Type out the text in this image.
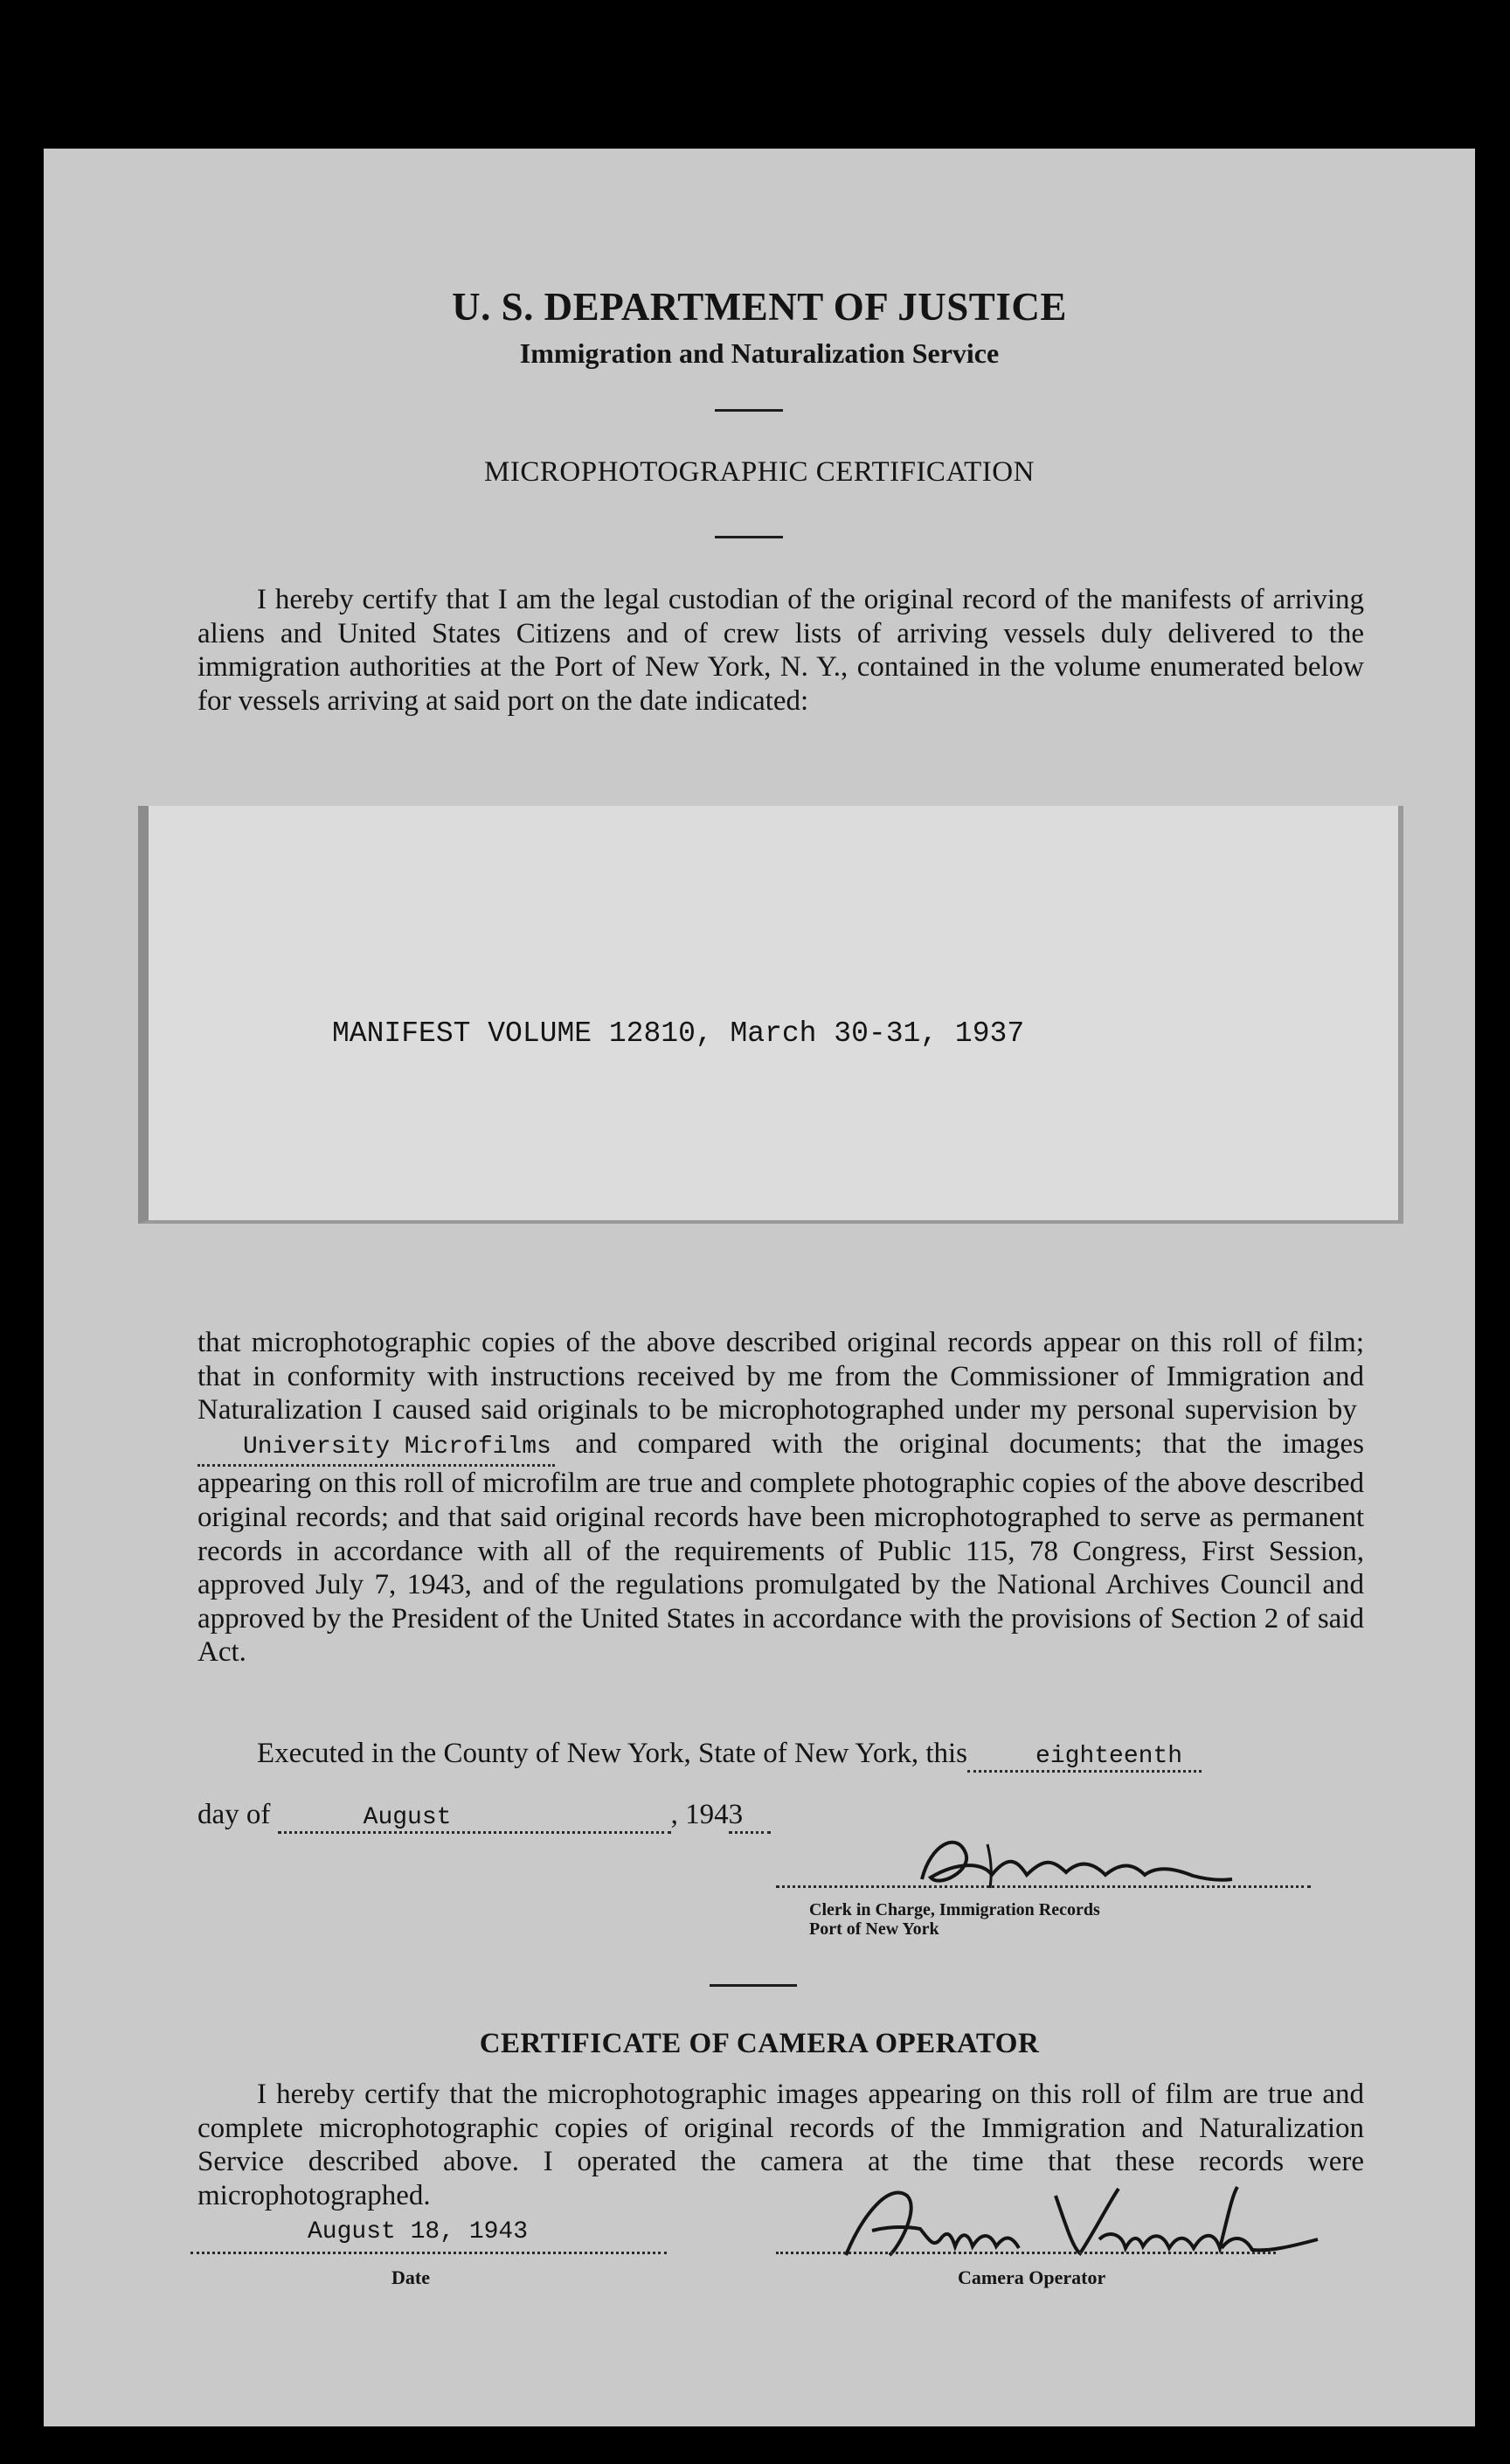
U. S. DEPARTMENT OF JUSTICE
Immigration and Naturalization Service
MICROPHOTOGRAPHIC CERTIFICATION
I hereby certify that I am the legal custodian of the original record of the manifests of arriving aliens and United States Citizens and of crew lists of arriving vessels duly delivered to the immigration authorities at the Port of New York, N. Y., contained in the volume enumerated below for vessels arriving at said port on the date indicated:
MANIFEST VOLUME 12810, March 30-31, 1937
that microphotographic copies of the above described original records appear on this roll of film; that in conformity with instructions received by me from the Commissioner of Immigration and Naturalization I caused said originals to be microphotographed under my personal supervision by University Microfilms and compared with the original documents; that the images appearing on this roll of microfilm are true and complete photographic copies of the above described original records; and that said original records have been microphotographed to serve as permanent records in accordance with all of the requirements of Public 115, 78 Congress, First Session, approved July 7, 1943, and of the regulations promulgated by the National Archives Council and approved by the President of the United States in accordance with the provisions of Section 2 of said Act.
Executed in the County of New York, State of New York, this	eighteenth
day of	August	, 1943
Clerk in Charge, Immigration Records
Port of New York
CERTIFICATE OF CAMERA OPERATOR
I hereby certify that the microphotographic images appearing on this roll of film are true and complete microphotographic copies of original records of the Immigration and Naturalization Service described above. I operated the camera at the time that these records were microphotographed.
August 18, 1943
Date	Camera Operator
